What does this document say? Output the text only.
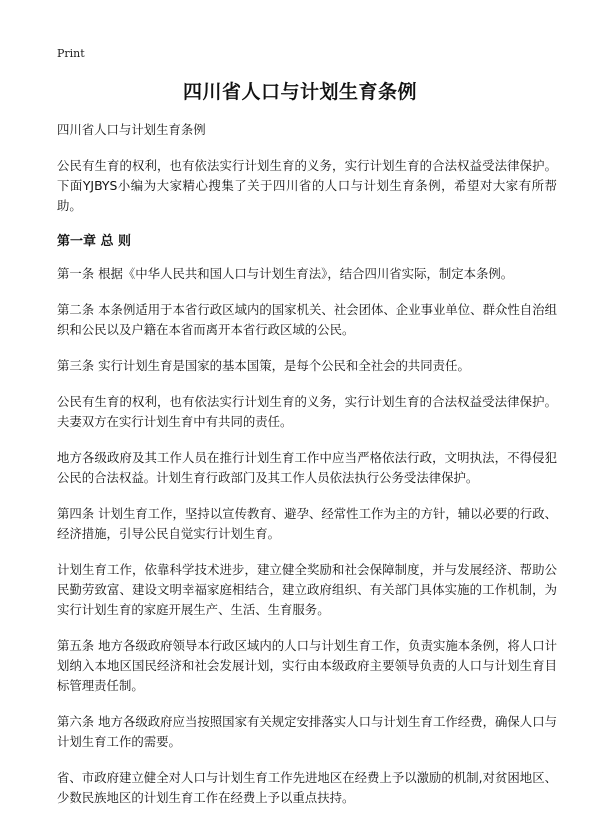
Print
四川省人口与计划生育条例

四川省人口与计划生育条例

公民有生育的权利，也有依法实行计划生育的义务，实行计划生育的合法权益受法律保护。下面YJBYS小编为大家精心搜集了关于四川省的人口与计划生育条例，希望对大家有所帮助。

第一章 总 则

第一条 根据《中华人民共和国人口与计划生育法》，结合四川省实际，制定本条例。

第二条 本条例适用于本省行政区域内的国家机关、社会团体、企业事业单位、群众性自治组织和公民以及户籍在本省而离开本省行政区域的公民。

第三条 实行计划生育是国家的基本国策，是每个公民和全社会的共同责任。

公民有生育的权利，也有依法实行计划生育的义务，实行计划生育的合法权益受法律保护。夫妻双方在实行计划生育中有共同的责任。

地方各级政府及其工作人员在推行计划生育工作中应当严格依法行政，文明执法，不得侵犯公民的合法权益。计划生育行政部门及其工作人员依法执行公务受法律保护。

第四条 计划生育工作，坚持以宣传教育、避孕、经常性工作为主的方针，辅以必要的行政、经济措施，引导公民自觉实行计划生育。

计划生育工作，依靠科学技术进步，建立健全奖励和社会保障制度，并与发展经济、帮助公民勤劳致富、建设文明幸福家庭相结合，建立政府组织、有关部门具体实施的工作机制，为实行计划生育的家庭开展生产、生活、生育服务。

第五条 地方各级政府领导本行政区域内的人口与计划生育工作，负责实施本条例，将人口计划纳入本地区国民经济和社会发展计划，实行由本级政府主要领导负责的人口与计划生育目标管理责任制。

第六条 地方各级政府应当按照国家有关规定安排落实人口与计划生育工作经费，确保人口与计划生育工作的需要。

省、市政府建立健全对人口与计划生育工作先进地区在经费上予以激励的机制,对贫困地区、少数民族地区的计划生育工作在经费上予以重点扶持。
